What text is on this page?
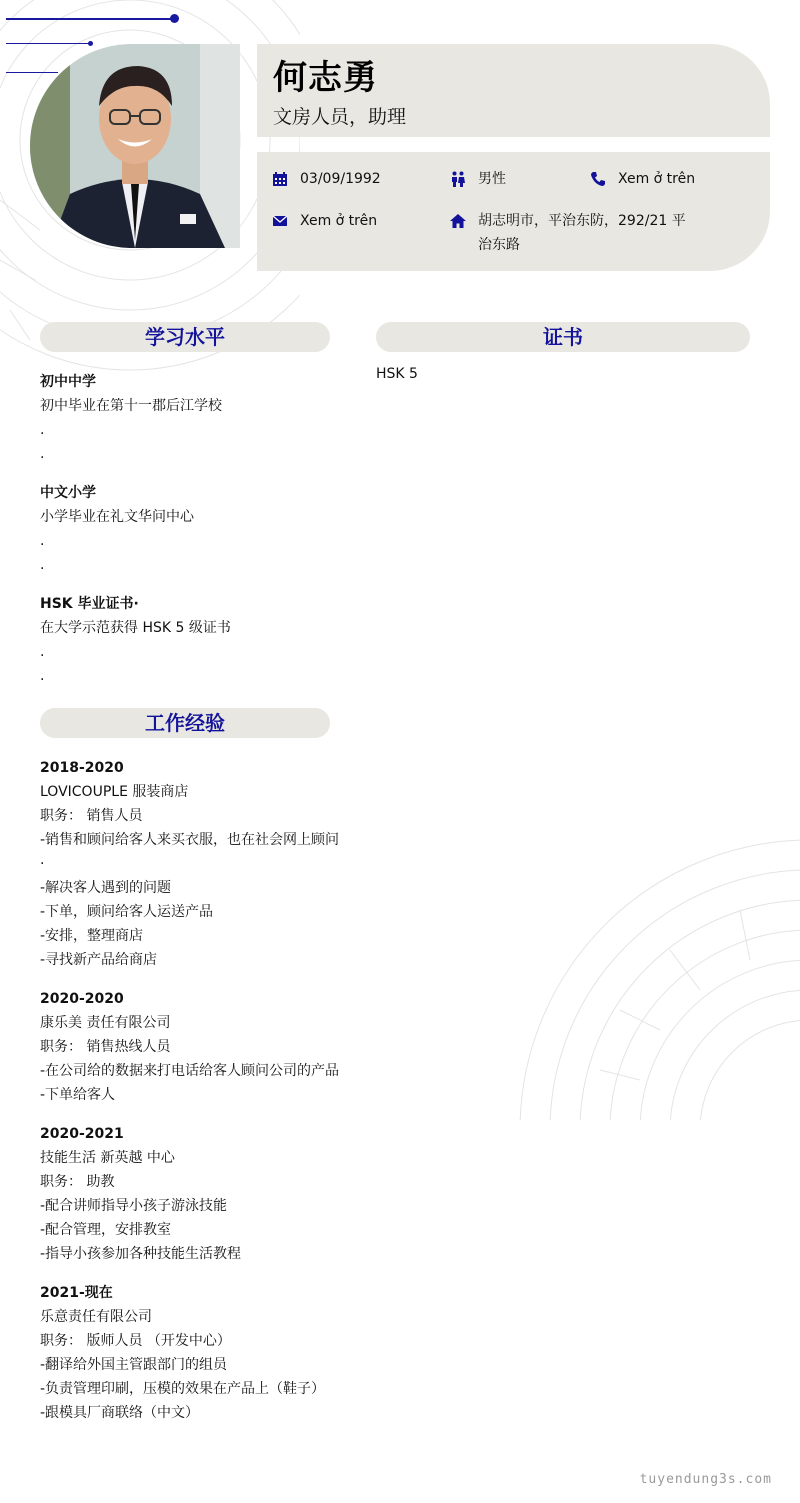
何志勇
文房人员，助理
03/09/1992	男性	Xem ở trên
Xem ở trên	胡志明市，平治东防，292/21 平治东路
学习水平
初中中学
初中毕业在第十一郡后江学校
.
.
中文小学
小学毕业在礼文华问中心
.
.
HSK 毕业证书·
在大学示范获得 HSK 5 级证书
.
.
证书
HSK 5
工作经验
2018-2020
LOVICOUPLE 服装商店
职务： 销售人员
-销售和顾问给客人来买衣服，也在社会网上顾问·
-解决客人遇到的问题
-下单，顾问给客人运送产品
-安排，整理商店
-寻找新产品给商店
2020-2020
康乐美 责任有限公司
职务： 销售热线人员
-在公司给的数据来打电话给客人顾问公司的产品
-下单给客人
2020-2021
技能生活 新英越 中心
职务： 助教
-配合讲师指导小孩子游泳技能
-配合管理，安排教室
-指导小孩参加各种技能生活教程
2021-现在
乐意责任有限公司
职务： 版师人员 （开发中心）
-翻译给外国主管跟部门的组员
-负责管理印刷，压模的效果在产品上（鞋子）
-跟模具厂商联络（中文）
tuyendung3s.com
